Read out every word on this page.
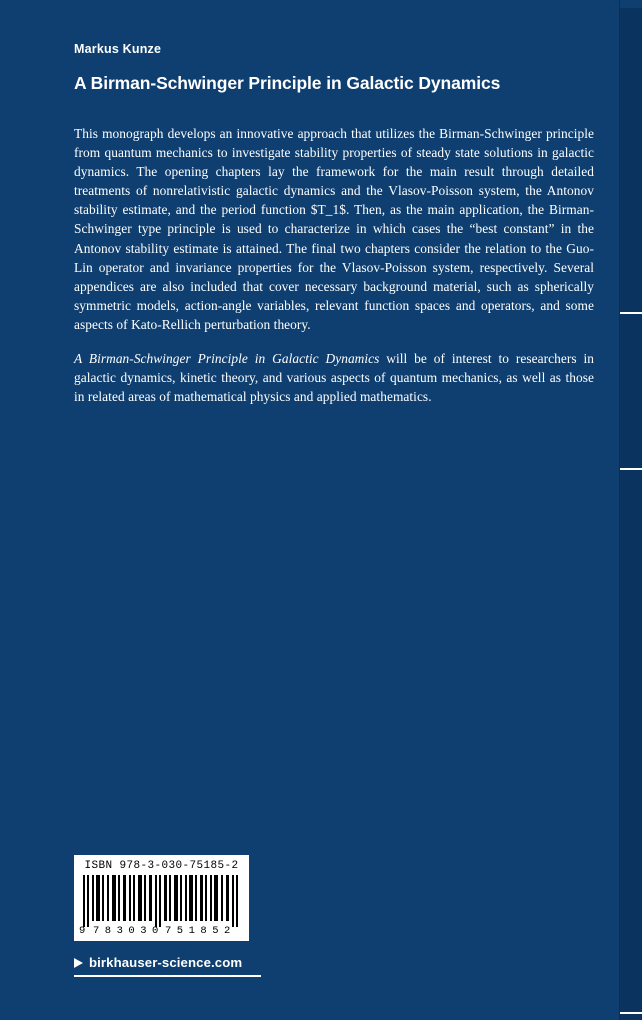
Markus Kunze
A Birman-Schwinger Principle in Galactic Dynamics
This monograph develops an innovative approach that utilizes the Birman-Schwinger principle from quantum mechanics to investigate stability properties of steady state solutions in galactic dynamics. The opening chapters lay the framework for the main result through detailed treatments of nonrelativistic galactic dynamics and the Vlasov-Poisson system, the Antonov stability estimate, and the period function $T_1$. Then, as the main application, the Birman-Schwinger type principle is used to characterize in which cases the “best constant” in the Antonov stability estimate is attained. The final two chapters consider the relation to the Guo-Lin operator and invariance properties for the Vlasov-Poisson system, respectively. Several appendices are also included that cover necessary background material, such as spherically symmetric models, action-angle variables, relevant function spaces and operators, and some aspects of Kato-Rellich perturbation theory.
A Birman-Schwinger Principle in Galactic Dynamics will be of interest to researchers in galactic dynamics, kinetic theory, and various aspects of quantum mechanics, as well as those in related areas of mathematical physics and applied mathematics.
ISBN 978-3-030-75185-2
9 783030 751852
birkhauser-science.com
